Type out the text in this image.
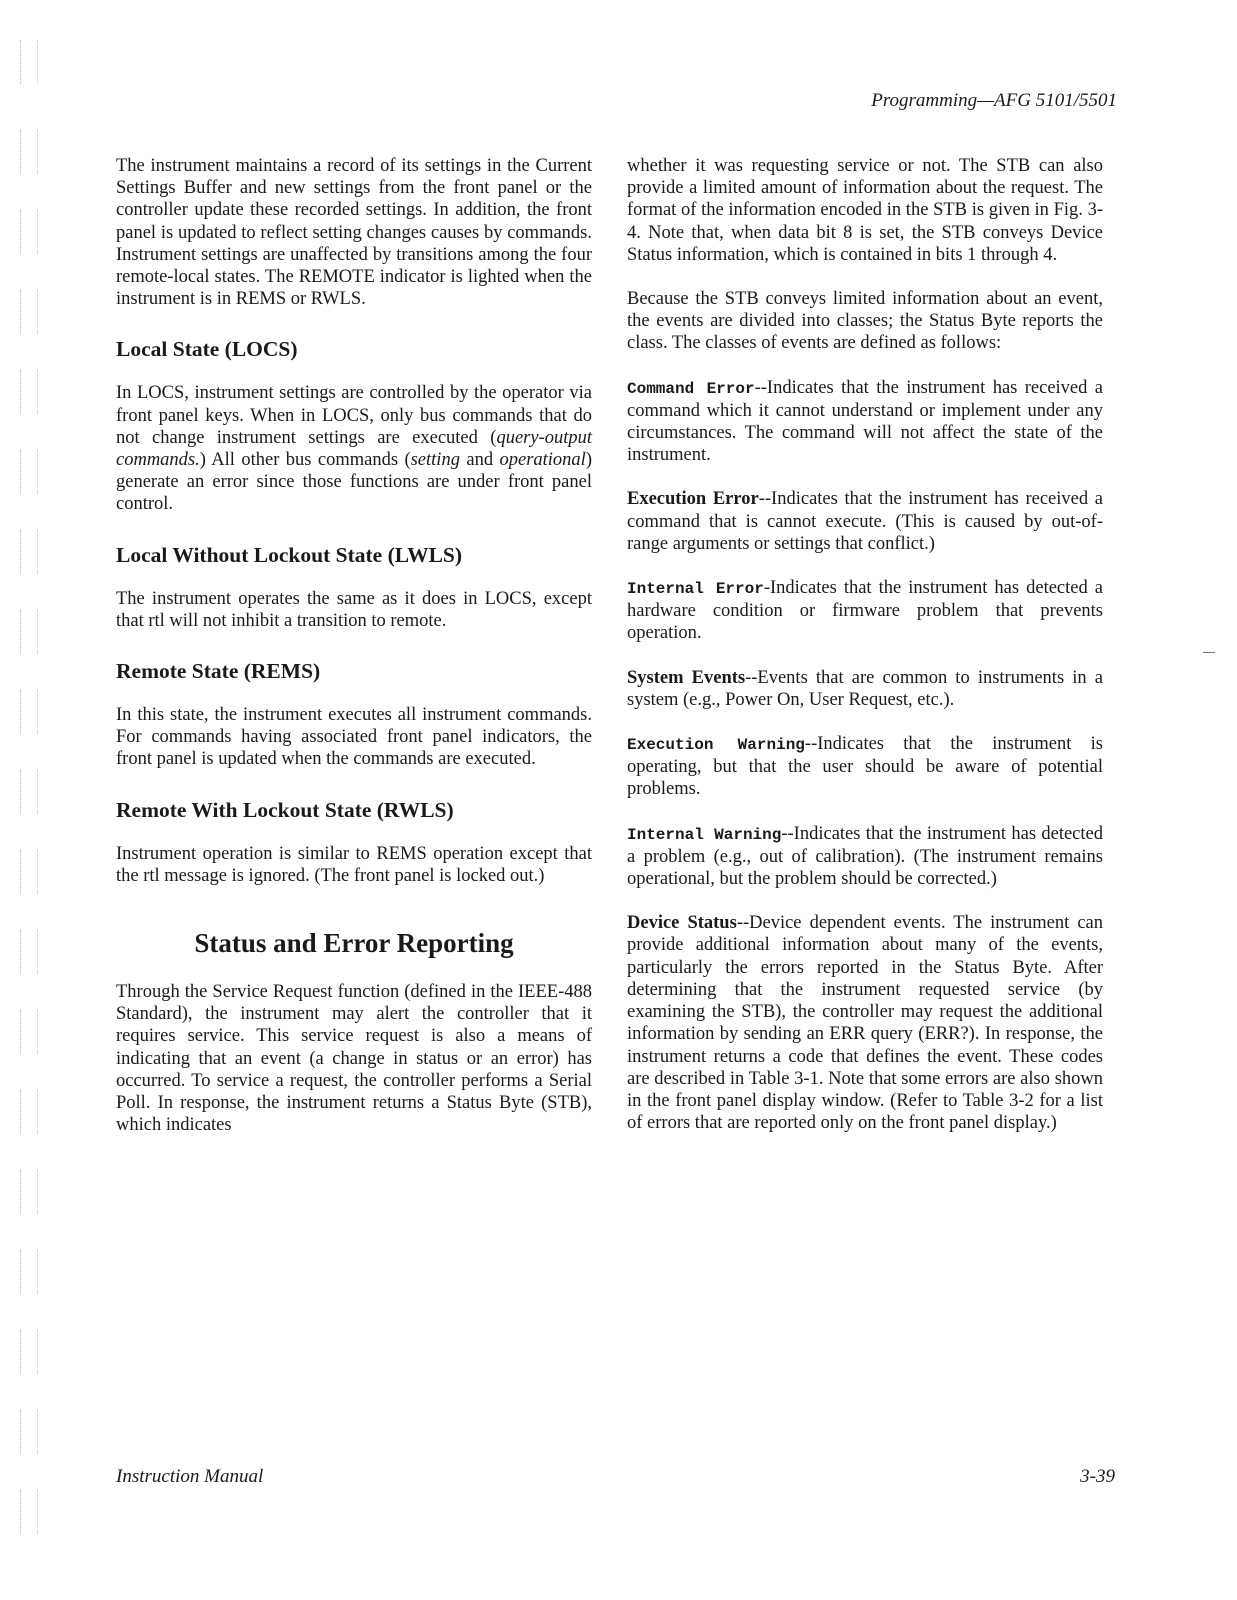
Programming—AFG 5101/5501

The instrument maintains a record of its settings in the Current Settings Buffer and new settings from the front panel or the controller update these recorded settings. In addition, the front panel is updated to reflect setting changes causes by commands. Instrument settings are unaffected by transitions among the four remote-local states. The REMOTE indicator is lighted when the instrument is in REMS or RWLS.

Local State (LOCS)

In LOCS, instrument settings are controlled by the operator via front panel keys. When in LOCS, only bus commands that do not change instrument settings are executed (query-output commands.) All other bus commands (setting and operational) generate an error since those functions are under front panel control.

Local Without Lockout State (LWLS)

The instrument operates the same as it does in LOCS, except that rtl will not inhibit a transition to remote.

Remote State (REMS)

In this state, the instrument executes all instrument commands. For commands having associated front panel indicators, the front panel is updated when the commands are executed.

Remote With Lockout State (RWLS)

Instrument operation is similar to REMS operation except that the rtl message is ignored. (The front panel is locked out.)

Status and Error Reporting

Through the Service Request function (defined in the IEEE-488 Standard), the instrument may alert the controller that it requires service. This service request is also a means of indicating that an event (a change in status or an error) has occurred. To service a request, the controller performs a Serial Poll. In response, the instrument returns a Status Byte (STB), which indicates

whether it was requesting service or not. The STB can also provide a limited amount of information about the request. The format of the information encoded in the STB is given in Fig. 3-4. Note that, when data bit 8 is set, the STB conveys Device Status information, which is contained in bits 1 through 4.

Because the STB conveys limited information about an event, the events are divided into classes; the Status Byte reports the class. The classes of events are defined as follows:

Command Error--Indicates that the instrument has received a command which it cannot understand or implement under any circumstances. The command will not affect the state of the instrument.

Execution Error--Indicates that the instrument has received a command that is cannot execute. (This is caused by out-of-range arguments or settings that conflict.)

Internal Error-Indicates that the instrument has detected a hardware condition or firmware problem that prevents operation.

System Events--Events that are common to instruments in a system (e.g., Power On, User Request, etc.).

Execution Warning--Indicates that the instrument is operating, but that the user should be aware of potential problems.

Internal Warning--Indicates that the instrument has detected a problem (e.g., out of calibration). (The instrument remains operational, but the problem should be corrected.)

Device Status--Device dependent events. The instrument can provide additional information about many of the events, particularly the errors reported in the Status Byte. After determining that the instrument requested service (by examining the STB), the controller may request the additional information by sending an ERR query (ERR?). In response, the instrument returns a code that defines the event. These codes are described in Table 3-1. Note that some errors are also shown in the front panel display window. (Refer to Table 3-2 for a list of errors that are reported only on the front panel display.)

Instruction Manual	3-39
